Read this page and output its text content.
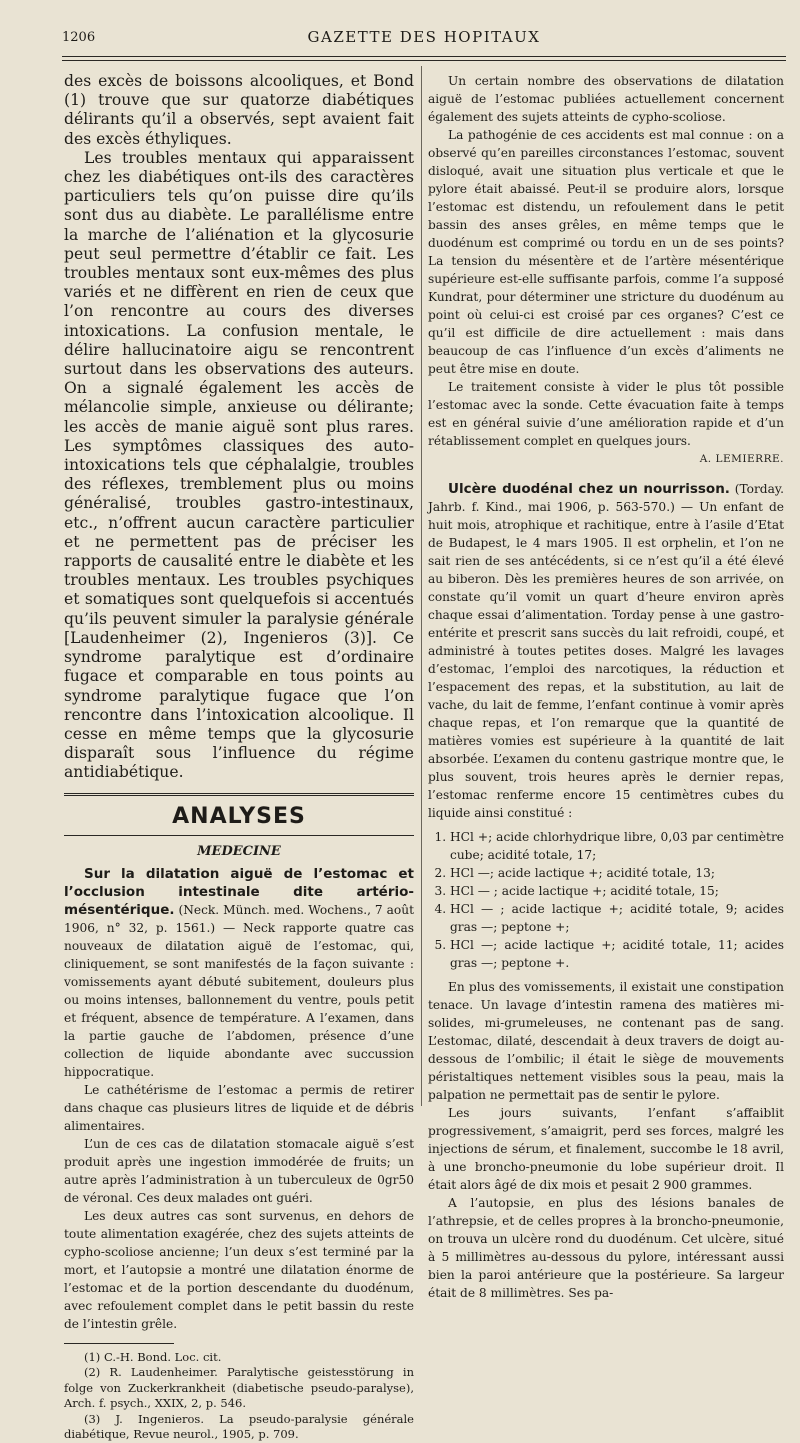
1206	GAZETTE DES HOPITAUX

des excès de boissons alcooliques, et Bond (1) trouve que sur quatorze diabétiques délirants qu’il a observés, sept avaient fait des excès éthyliques.

Les troubles mentaux qui apparaissent chez les diabétiques ont-ils des caractères particuliers tels qu’on puisse dire qu’ils sont dus au diabète. Le parallélisme entre la marche de l’aliénation et la glycosurie peut seul permettre d’établir ce fait. Les troubles mentaux sont eux-mêmes des plus variés et ne diffèrent en rien de ceux que l’on rencontre au cours des diverses intoxications. La confusion mentale, le délire hallucinatoire aigu se rencontrent surtout dans les observations des auteurs. On a signalé également les accès de mélancolie simple, anxieuse ou délirante; les accès de manie aiguë sont plus rares. Les symptômes classiques des auto-intoxications tels que céphalalgie, troubles des réflexes, tremblement plus ou moins généralisé, troubles gastro-intestinaux, etc., n’offrent aucun caractère particulier et ne permettent pas de préciser les rapports de causalité entre le diabète et les troubles mentaux. Les troubles psychiques et somatiques sont quelquefois si accentués qu’ils peuvent simuler la paralysie générale [Laudenheimer (2), Ingenieros (3)]. Ce syndrome paralytique est d’ordinaire fugace et comparable en tous points au syndrome paralytique fugace que l’on rencontre dans l’intoxication alcoolique. Il cesse en même temps que la glycosurie disparaît sous l’influence du régime antidiabétique.

ANALYSES
MEDECINE

Sur la dilatation aiguë de l’estomac et l’occlusion intestinale dite artério-mésentérique. (Neck. Münch. med. Wochens., 7 août 1906, n° 32, p. 1561.) — Neck rapporte quatre cas nouveaux de dilatation aiguë de l’estomac, qui, cliniquement, se sont manifestés de la façon suivante : vomissements ayant débuté subitement, douleurs plus ou moins intenses, ballonnement du ventre, pouls petit et fréquent, absence de température. A l’examen, dans la partie gauche de l’abdomen, présence d’une collection de liquide abondante avec succussion hippocratique.

Le cathétérisme de l’estomac a permis de retirer dans chaque cas plusieurs litres de liquide et de débris alimentaires.

L’un de ces cas de dilatation stomacale aiguë s’est produit après une ingestion immodérée de fruits; un autre après l’administration à un tuberculeux de 0gr50 de véronal. Ces deux malades ont guéri.

Les deux autres cas sont survenus, en dehors de toute alimentation exagérée, chez des sujets atteints de cypho-scoliose ancienne; l’un deux s’est terminé par la mort, et l’autopsie a montré une dilatation énorme de l’estomac et de la portion descendante du duodénum, avec refoulement complet dans le petit bassin du reste de l’intestin grêle.

(1) C.-H. Bond. Loc. cit.

(2) R. Laudenheimer. Paralytische geistesstörung in folge von Zuckerkrankheit (diabetische pseudo-paralyse), Arch. f. psych., XXIX, 2, p. 546.

(3) J. Ingenieros. La pseudo-paralysie générale diabétique, Revue neurol., 1905, p. 709.

Un certain nombre des observations de dilatation aiguë de l’estomac publiées actuellement concernent également des sujets atteints de cypho-scoliose.

La pathogénie de ces accidents est mal connue : on a observé qu’en pareilles circonstances l’estomac, souvent disloqué, avait une situation plus verticale et que le pylore était abaissé. Peut-il se produire alors, lorsque l’estomac est distendu, un refoulement dans le petit bassin des anses grêles, en même temps que le duodénum est comprimé ou tordu en un de ses points? La tension du mésentère et de l’artère mésentérique supérieure est-elle suffisante parfois, comme l’a supposé Kundrat, pour déterminer une stricture du duodénum au point où celui-ci est croisé par ces organes? C’est ce qu’il est difficile de dire actuellement : mais dans beaucoup de cas l’influence d’un excès d’aliments ne peut être mise en doute.

Le traitement consiste à vider le plus tôt possible l’estomac avec la sonde. Cette évacuation faite à temps est en général suivie d’une amélioration rapide et d’un rétablissement complet en quelques jours.

A. LEMIERRE.

Ulcère duodénal chez un nourrisson. (Torday. Jahrb. f. Kind., mai 1906, p. 563-570.) — Un enfant de huit mois, atrophique et rachitique, entre à l’asile d’Etat de Budapest, le 4 mars 1905. Il est orphelin, et l’on ne sait rien de ses antécédents, si ce n’est qu’il a été élevé au biberon. Dès les premières heures de son arrivée, on constate qu’il vomit un quart d’heure environ après chaque essai d’alimentation. Torday pense à une gastro-entérite et prescrit sans succès du lait refroidi, coupé, et administré à toutes petites doses. Malgré les lavages d’estomac, l’emploi des narcotiques, la réduction et l’espacement des repas, et la substitution, au lait de vache, du lait de femme, l’enfant continue à vomir après chaque repas, et l’on remarque que la quantité de matières vomies est supérieure à la quantité de lait absorbée. L’examen du contenu gastrique montre que, le plus souvent, trois heures après le dernier repas, l’estomac renferme encore 15 centimètres cubes du liquide ainsi constitué :

1. HCl +; acide chlorhydrique libre, 0,03 par centimètre cube; acidité totale, 17;
2. HCl —; acide lactique +; acidité totale, 13;
3. HCl — ; acide lactique +; acidité totale, 15;
4. HCl — ; acide lactique +; acidité totale, 9; acides gras —; peptone +;
5. HCl —; acide lactique +; acidité totale, 11; acides gras —; peptone +.

En plus des vomissements, il existait une constipation tenace. Un lavage d’intestin ramena des matières mi-solides, mi-grumeleuses, ne contenant pas de sang. L’estomac, dilaté, descendait à deux travers de doigt au-dessous de l’ombilic; il était le siège de mouvements péristaltiques nettement visibles sous la peau, mais la palpation ne permettait pas de sentir le pylore.

Les jours suivants, l’enfant s’affaiblit progressivement, s’amaigrit, perd ses forces, malgré les injections de sérum, et finalement, succombe le 18 avril, à une broncho-pneumonie du lobe supérieur droit. Il était alors âgé de dix mois et pesait 2 900 grammes.

A l’autopsie, en plus des lésions banales de l’athrepsie, et de celles propres à la broncho-pneumonie, on trouva un ulcère rond du duodénum. Cet ulcère, situé à 5 millimètres au-dessous du pylore, intéressant aussi bien la paroi antérieure que la postérieure. Sa largeur était de 8 millimètres. Ses pa-
